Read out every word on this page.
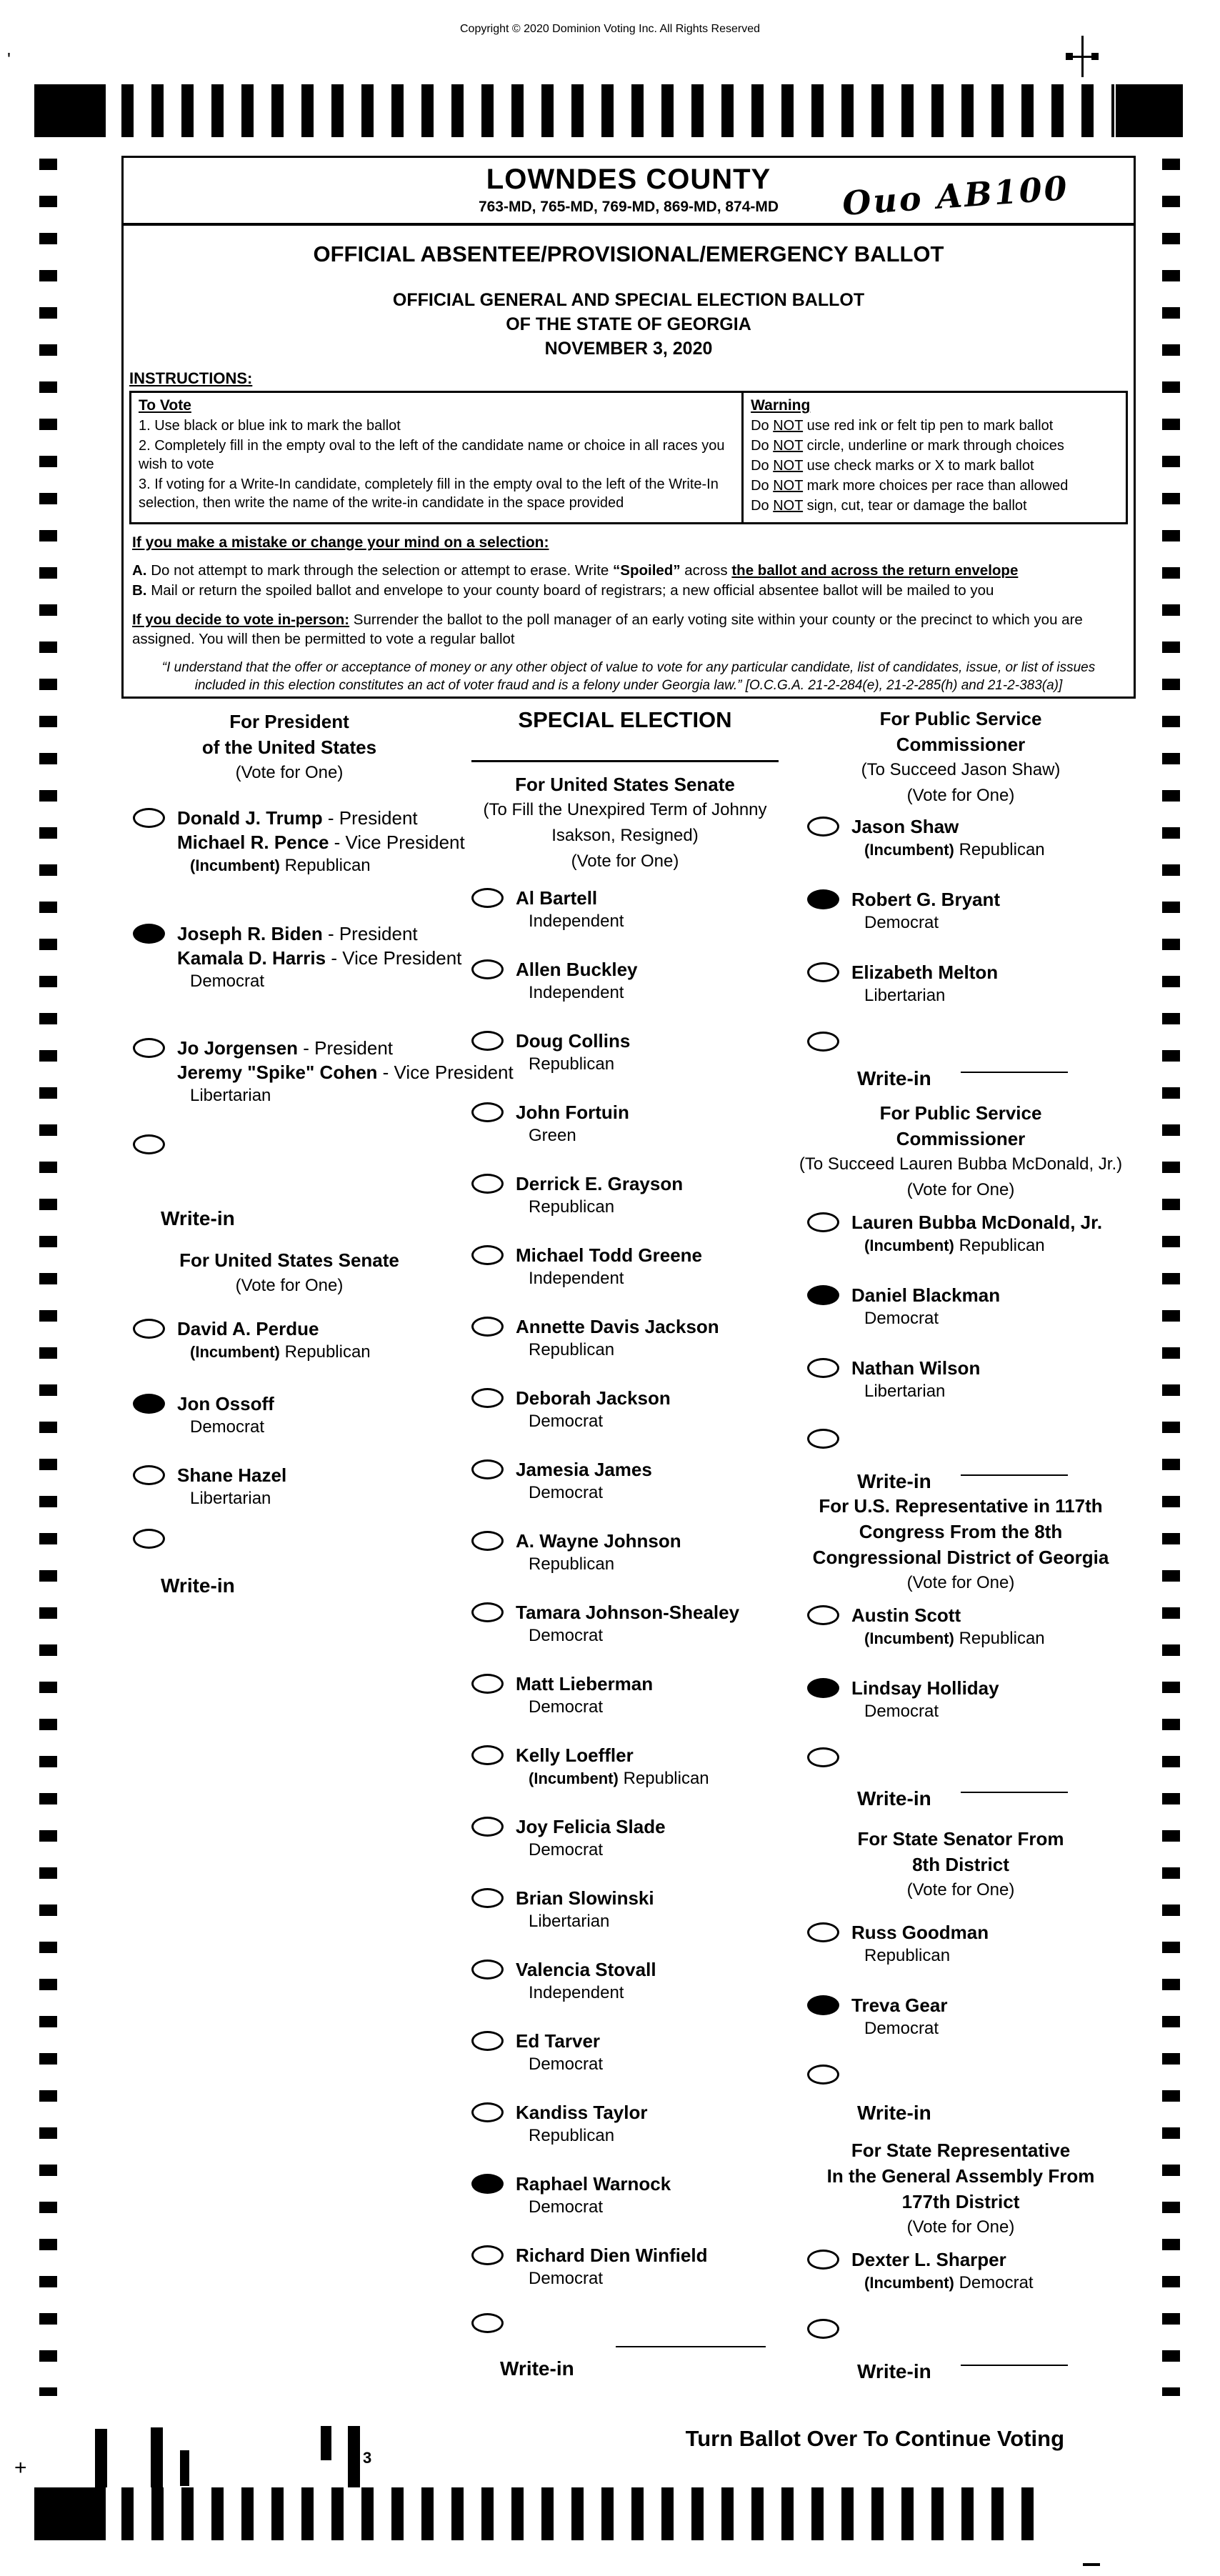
Copyright © 2020 Dominion Voting Inc. All Rights Reserved
'
LOWNDES COUNTY
763-MD, 765-MD, 769-MD, 869-MD, 874-MD	Ouo AB100
OFFICIAL ABSENTEE/PROVISIONAL/EMERGENCY BALLOT
OFFICIAL GENERAL AND SPECIAL ELECTION BALLOT
OF THE STATE OF GEORGIA
NOVEMBER 3, 2020
INSTRUCTIONS:
To Vote
1. Use black or blue ink to mark the ballot
2. Completely fill in the empty oval to the left of the candidate name or choice in all races you wish to vote
3. If voting for a Write-In candidate, completely fill in the empty oval to the left of the Write-In selection, then write the name of the write-in candidate in the space provided
Warning
Do NOT use red ink or felt tip pen to mark ballot
Do NOT circle, underline or mark through choices
Do NOT use check marks or X to mark ballot
Do NOT mark more choices per race than allowed
Do NOT sign, cut, tear or damage the ballot
If you make a mistake or change your mind on a selection:
A. Do not attempt to mark through the selection or attempt to erase. Write “Spoiled” across the ballot and across the return envelope
B. Mail or return the spoiled ballot and envelope to your county board of registrars; a new official absentee ballot will be mailed to you
If you decide to vote in-person: Surrender the ballot to the poll manager of an early voting site within your county or the precinct to which you are assigned. You will then be permitted to vote a regular ballot
“I understand that the offer or acceptance of money or any other object of value to vote for any particular candidate, list of candidates, issue, or list of issues included in this election constitutes an act of voter fraud and is a felony under Georgia law.” [O.C.G.A. 21-2-284(e), 21-2-285(h) and 21-2-383(a)]
For President
of the United States
(Vote for One)
Donald J. Trump - President
Michael R. Pence - Vice President
(Incumbent) Republican
Joseph R. Biden - President
Kamala D. Harris - Vice President
Democrat
Jo Jorgensen - President
Jeremy "Spike" Cohen - Vice President
Libertarian
Write-in
For United States Senate
(Vote for One)
David A. Perdue
(Incumbent) Republican
Jon Ossoff
Democrat
Shane Hazel
Libertarian
Write-in
SPECIAL ELECTION
For United States Senate
(To Fill the Unexpired Term of Johnny
Isakson, Resigned)
(Vote for One)
Al Bartell
Independent
Allen Buckley
Independent
Doug Collins
Republican
John Fortuin
Green
Derrick E. Grayson
Republican
Michael Todd Greene
Independent
Annette Davis Jackson
Republican
Deborah Jackson
Democrat
Jamesia James
Democrat
A. Wayne Johnson
Republican
Tamara Johnson-Shealey
Democrat
Matt Lieberman
Democrat
Kelly Loeffler
(Incumbent) Republican
Joy Felicia Slade
Democrat
Brian Slowinski
Libertarian
Valencia Stovall
Independent
Ed Tarver
Democrat
Kandiss Taylor
Republican
Raphael Warnock
Democrat
Richard Dien Winfield
Democrat
Write-in
For Public Service
Commissioner
(To Succeed Jason Shaw)
(Vote for One)
Jason Shaw
(Incumbent) Republican
Robert G. Bryant
Democrat
Elizabeth Melton
Libertarian
Write-in
For Public Service
Commissioner
(To Succeed Lauren Bubba McDonald, Jr.)
(Vote for One)
Lauren Bubba McDonald, Jr.
(Incumbent) Republican
Daniel Blackman
Democrat
Nathan Wilson
Libertarian
Write-in
For U.S. Representative in 117th
Congress From the 8th
Congressional District of Georgia
(Vote for One)
Austin Scott
(Incumbent) Republican
Lindsay Holliday
Democrat
Write-in
For State Senator From
8th District
(Vote for One)
Russ Goodman
Republican
Treva Gear
Democrat
Write-in
For State Representative
In the General Assembly From
177th District
(Vote for One)
Dexter L. Sharper
(Incumbent) Democrat
Write-in
Turn Ballot Over To Continue Voting
+	3
